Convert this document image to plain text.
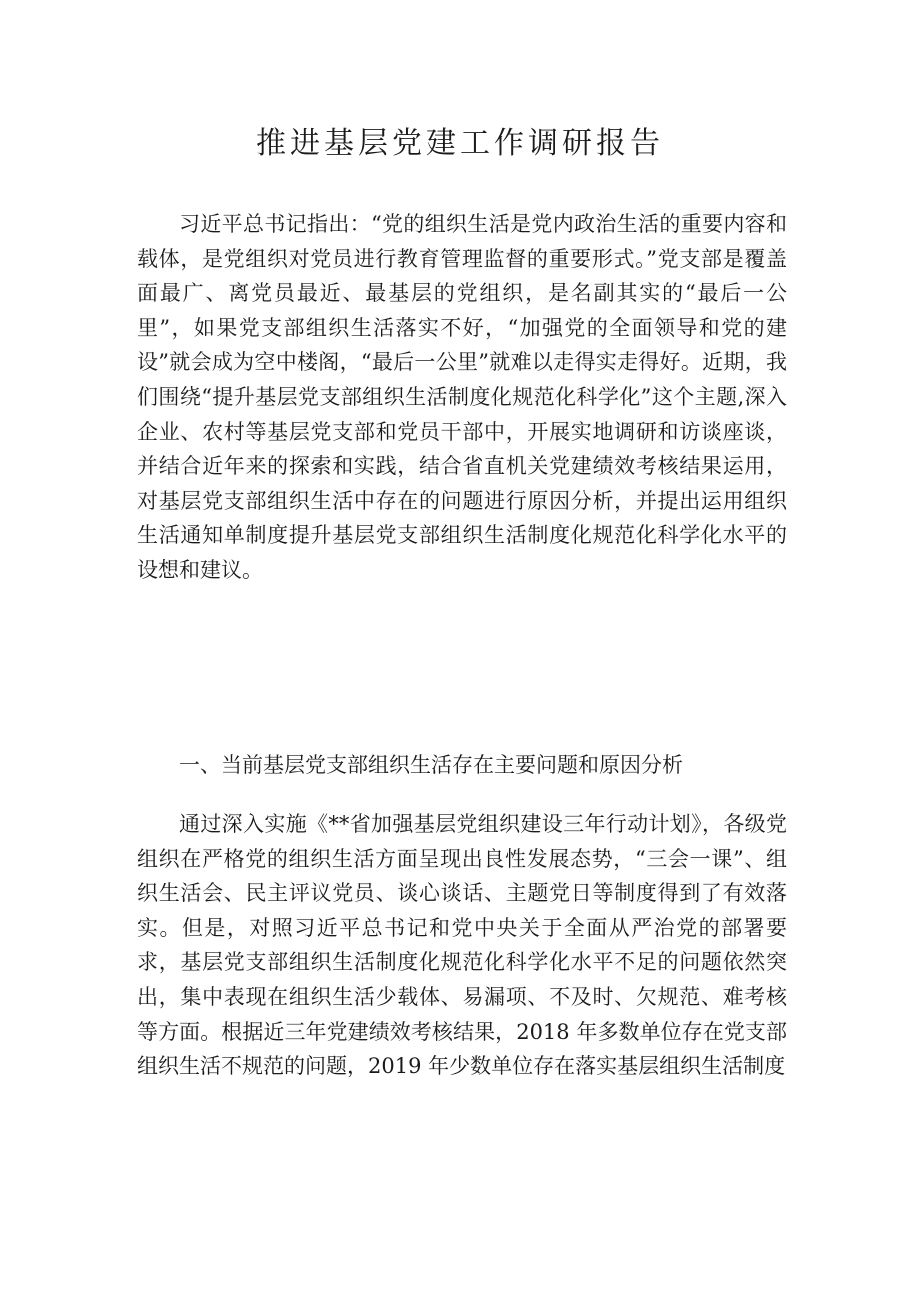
推进基层党建工作调研报告

习近平总书记指出：“党的组织生活是党内政治生活的重要内容和载体，是党组织对党员进行教育管理监督的重要形式。”党支部是覆盖面最广、离党员最近、最基层的党组织，是名副其实的“最后一公里”，如果党支部组织生活落实不好，“加强党的全面领导和党的建设”就会成为空中楼阁，“最后一公里”就难以走得实走得好。近期，我们围绕“提升基层党支部组织生活制度化规范化科学化”这个主题,深入企业、农村等基层党支部和党员干部中，开展实地调研和访谈座谈，并结合近年来的探索和实践，结合省直机关党建绩效考核结果运用，对基层党支部组织生活中存在的问题进行原因分析，并提出运用组织生活通知单制度提升基层党支部组织生活制度化规范化科学化水平的设想和建议。

一、当前基层党支部组织生活存在主要问题和原因分析

通过深入实施《**省加强基层党组织建设三年行动计划》，各级党组织在严格党的组织生活方面呈现出良性发展态势，“三会一课”、组织生活会、民主评议党员、谈心谈话、主题党日等制度得到了有效落实。但是，对照习近平总书记和党中央关于全面从严治党的部署要求，基层党支部组织生活制度化规范化科学化水平不足的问题依然突出，集中表现在组织生活少载体、易漏项、不及时、欠规范、难考核等方面。根据近三年党建绩效考核结果，2018 年多数单位存在党支部组织生活不规范的问题，2019 年少数单位存在落实基层组织生活制度
